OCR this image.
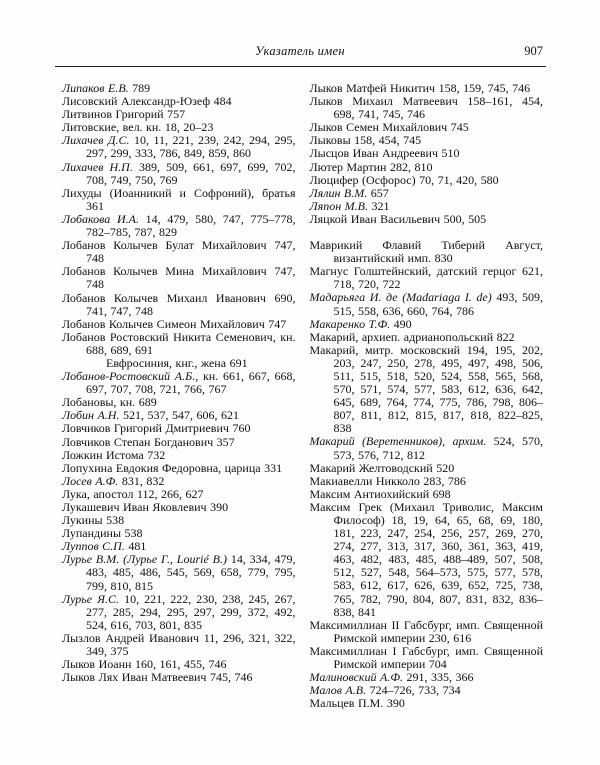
Указатель имен	907
Липаков Е.В. 789
Лисовский Александр-Юзеф 484
Литвинов Григорий 757
Литовские, вел. кн. 18, 20–23
Лихачев Д.С. 10, 11, 221, 239, 242, 294, 295, 297, 299, 333, 786, 849, 859, 860
Лихачев Н.П. 389, 509, 661, 697, 699, 702, 708, 749, 750, 769
Лихуды (Иоанникий и Софроний), братья 361
Лобакова И.А. 14, 479, 580, 747, 775–778, 782–785, 787, 829
Лобанов Колычев Булат Михайлович 747, 748
Лобанов Колычев Мина Михайлович 747, 748
Лобанов Колычев Михаил Иванович 690, 741, 747, 748
Лобанов Колычев Симеон Михайлович 747
Лобанов Ростовский Никита Семенович, кн. 688, 689, 691
Евфросиния, кнг., жена 691
Лобанов-Ростовский А.Б., кн. 661, 667, 668, 697, 707, 708, 721, 766, 767
Лобановы, кн. 689
Лобин А.Н. 521, 537, 547, 606, 621
Ловчиков Григорий Дмитриевич 760
Ловчиков Степан Богданович 357
Ложкин Истома 732
Лопухина Евдокия Федоровна, царица 331
Лосев А.Ф. 831, 832
Лука, апостол 112, 266, 627
Лукашевич Иван Яковлевич 390
Лукины 538
Лупандины 538
Луппов С.П. 481
Лурье В.М. (Лурье Г., Lourié B.) 14, 334, 479, 483, 485, 486, 545, 569, 658, 779, 795, 799, 810, 815
Лурье Я.С. 10, 221, 222, 230, 238, 245, 267, 277, 285, 294, 295, 297, 299, 372, 492, 524, 616, 703, 801, 835
Лызлов Андрей Иванович 11, 296, 321, 322, 349, 375
Лыков Иоанн 160, 161, 455, 746
Лыков Лях Иван Матвеевич 745, 746
Лыков Матфей Никитич 158, 159, 745, 746
Лыков Михаил Матвеевич 158–161, 454, 698, 741, 745, 746
Лыков Семен Михайлович 745
Лыковы 158, 454, 745
Лысцов Иван Андреевич 510
Лютер Мартин 282, 810
Люцифер (Осфорос) 70, 71, 420, 580
Лялин В.М. 657
Ляпон М.В. 321
Ляцкой Иван Васильевич 500, 505
Маврикий Флавий Тиберий Август, византийский имп. 830
Магнус Голштейнский, датский герцог 621, 718, 720, 722
Мадарьяга И. де (Madariaga I. de) 493, 509, 515, 558, 636, 660, 764, 786
Макаренко Т.Ф. 490
Макарий, архиеп. адрианопольский 822
Макарий, митр. московский 194, 195, 202, 203, 247, 250, 278, 495, 497, 498, 506, 511, 515, 518, 520, 524, 558, 565, 568, 570, 571, 574, 577, 583, 612, 636, 642, 645, 689, 764, 774, 775, 786, 798, 806–807, 811, 812, 815, 817, 818, 822–825, 838
Макарий (Веретенников), архим. 524, 570, 573, 576, 712, 812
Макарий Желтоводский 520
Макиавелли Никколо 283, 786
Максим Антиохийский 698
Максим Грек (Михаил Триволис, Максим Философ) 18, 19, 64, 65, 68, 69, 180, 181, 223, 247, 254, 256, 257, 269, 270, 274, 277, 313, 317, 360, 361, 363, 419, 463, 482, 483, 485, 488–489, 507, 508, 512, 527, 548, 564–573, 575, 577, 578, 583, 612, 617, 626, 639, 652, 725, 738, 765, 782, 790, 804, 807, 831, 832, 836–838, 841
Максимиллиан II Габсбург, имп. Священной Римской империи 230, 616
Максимиллиан I Габсбург, имп. Священной Римской империи 704
Малиновский А.Ф. 291, 335, 366
Малов А.В. 724–726, 733, 734
Мальцев П.М. 390
